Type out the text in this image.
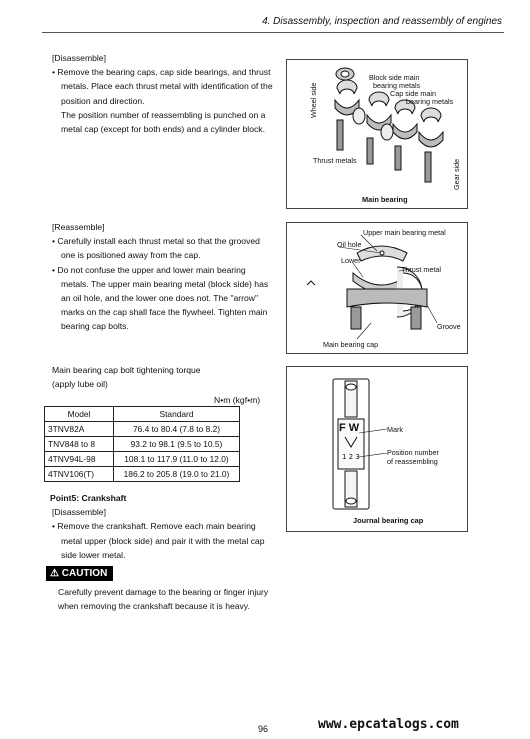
4. Disassembly, inspection and reassembly of engines
[Disassemble]
• Remove the bearing caps, cap side bearings, and thrust metals. Place each thrust metal with identification of the position and direction.
The position number of reassembling is punched on a metal cap (except for both ends) and a cylinder block.
Wheel side
Block side main
bearing metals
Cap side main
bearing metals
Thrust metals	Gear side
Main bearing
[Reassemble]
• Carefully install each thrust metal so that the grooved one is positioned away from the cap.
• Do not confuse the upper and lower main bearing metals. The upper main bearing metal (block side) has an oil hole, and the lower one does not. The "arrow" marks on the cap shall face the flywheel. Tighten main bearing cap bolts.
Upper main bearing metal
Oil hole
Lower
Thrust metal
Groove
Main bearing cap
Main bearing cap bolt tightening torque
(apply lube oil)
N•m (kgf•m)
Model	Standard
3TNV82A	76.4 to 80.4 (7.8 to 8.2)
TNV848 to 8	93.2 to 98.1 (9.5 to 10.5)
4TNV94L-98	108.1 to 117.9 (11.0 to 12.0)
4TNV106(T)	186.2 to 205.8 (19.0 to 21.0)
F W
1 2 3
Mark
Position number
of reassembling
Journal bearing cap
Point5: Crankshaft
[Disassemble]
• Remove the crankshaft. Remove each main bearing metal upper (block side) and pair it with the metal cap side lower metal.
⚠ CAUTION
Carefully prevent damage to the bearing or finger injury when removing the crankshaft because it is heavy.
96	www.epcatalogs.com
